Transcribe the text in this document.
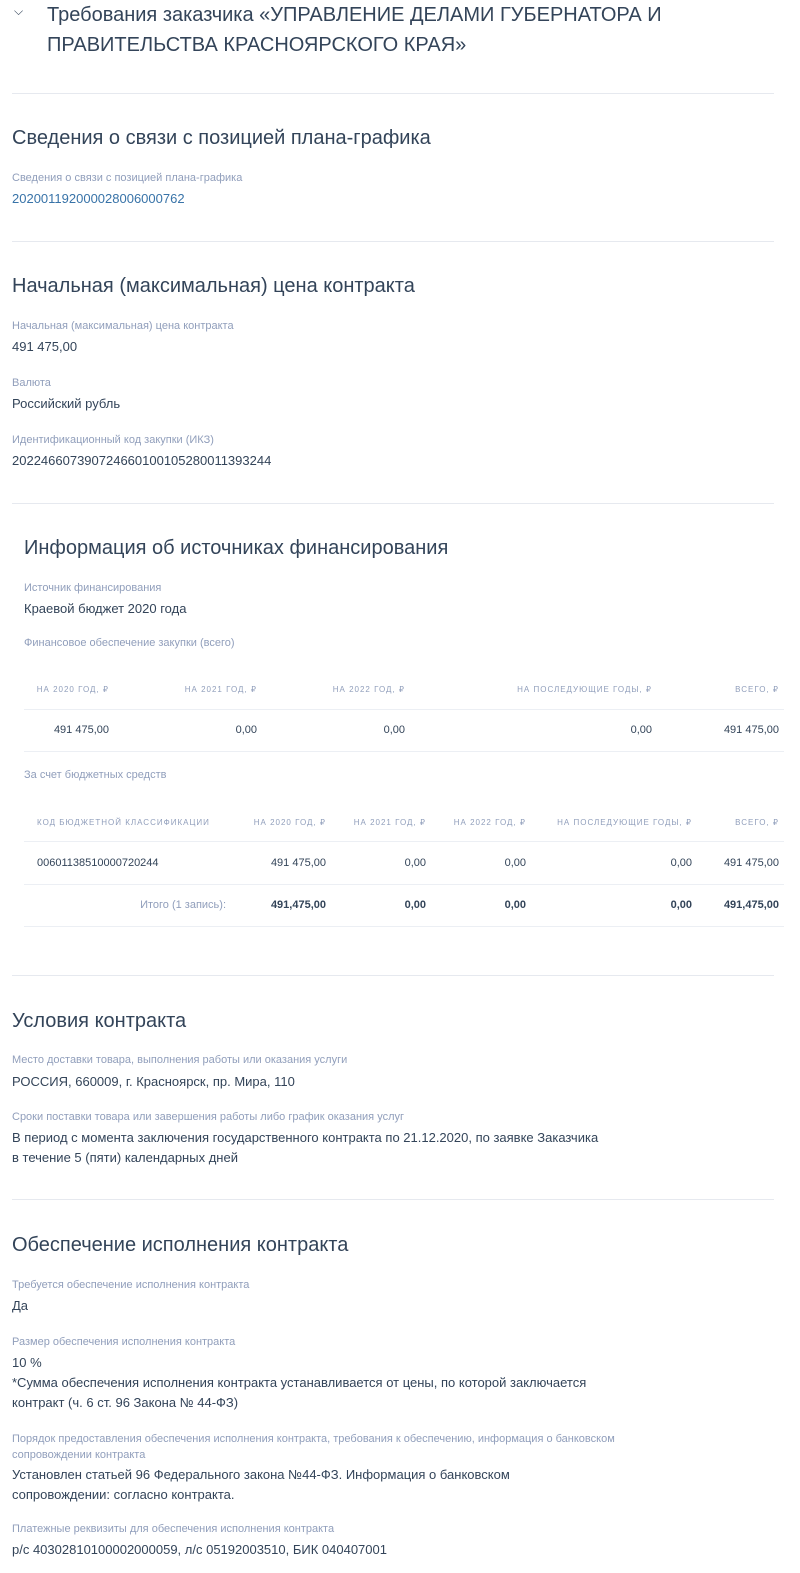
⌵ Требования заказчика «УПРАВЛЕНИЕ ДЕЛАМИ ГУБЕРНАТОРА И
ПРАВИТЕЛЬСТВА КРАСНОЯРСКОГО КРАЯ»
Сведения о связи с позицией плана-графика
Сведения о связи с позицией плана-графика
202001192000028006000762
Начальная (максимальная) цена контракта
Начальная (максимальная) цена контракта
491 475,00
Валюта
Российский рубль
Идентификационный код закупки (ИКЗ)
202246607390724660100105280011393244
Информация об источниках финансирования
Источник финансирования
Краевой бюджет 2020 года
Финансовое обеспечение закупки (всего)
НА 2020 ГОД, ₽	НА 2021 ГОД, ₽	НА 2022 ГОД, ₽	НА ПОСЛЕДУЮЩИЕ ГОДЫ, ₽	ВСЕГО, ₽
491 475,00	0,00	0,00	0,00	491 475,00
За счет бюджетных средств
КОД БЮДЖЕТНОЙ КЛАССИФИКАЦИИ	НА 2020 ГОД, ₽	НА 2021 ГОД, ₽	НА 2022 ГОД, ₽	НА ПОСЛЕДУЮЩИЕ ГОДЫ, ₽	ВСЕГО, ₽
00601138510000720244	491 475,00	0,00	0,00	0,00	491 475,00
Итого (1 запись):	491,475,00	0,00	0,00	0,00	491,475,00
Условия контракта
Место доставки товара, выполнения работы или оказания услуги
РОССИЯ, 660009, г. Красноярск, пр. Мира, 110
Сроки поставки товара или завершения работы либо график оказания услуг
В период с момента заключения государственного контракта по 21.12.2020, по заявке Заказчика
в течение 5 (пяти) календарных дней
Обеспечение исполнения контракта
Требуется обеспечение исполнения контракта
Да
Размер обеспечения исполнения контракта
10 %
*Сумма обеспечения исполнения контракта устанавливается от цены, по которой заключается
контракт (ч. 6 ст. 96 Закона № 44-ФЗ)
Порядок предоставления обеспечения исполнения контракта, требования к обеспечению, информация о банковском
сопровождении контракта
Установлен статьей 96 Федерального закона №44-ФЗ. Информация о банковском
сопровождении: согласно контракта.
Платежные реквизиты для обеспечения исполнения контракта
р/с 40302810100002000059, л/с 05192003510, БИК 040407001
